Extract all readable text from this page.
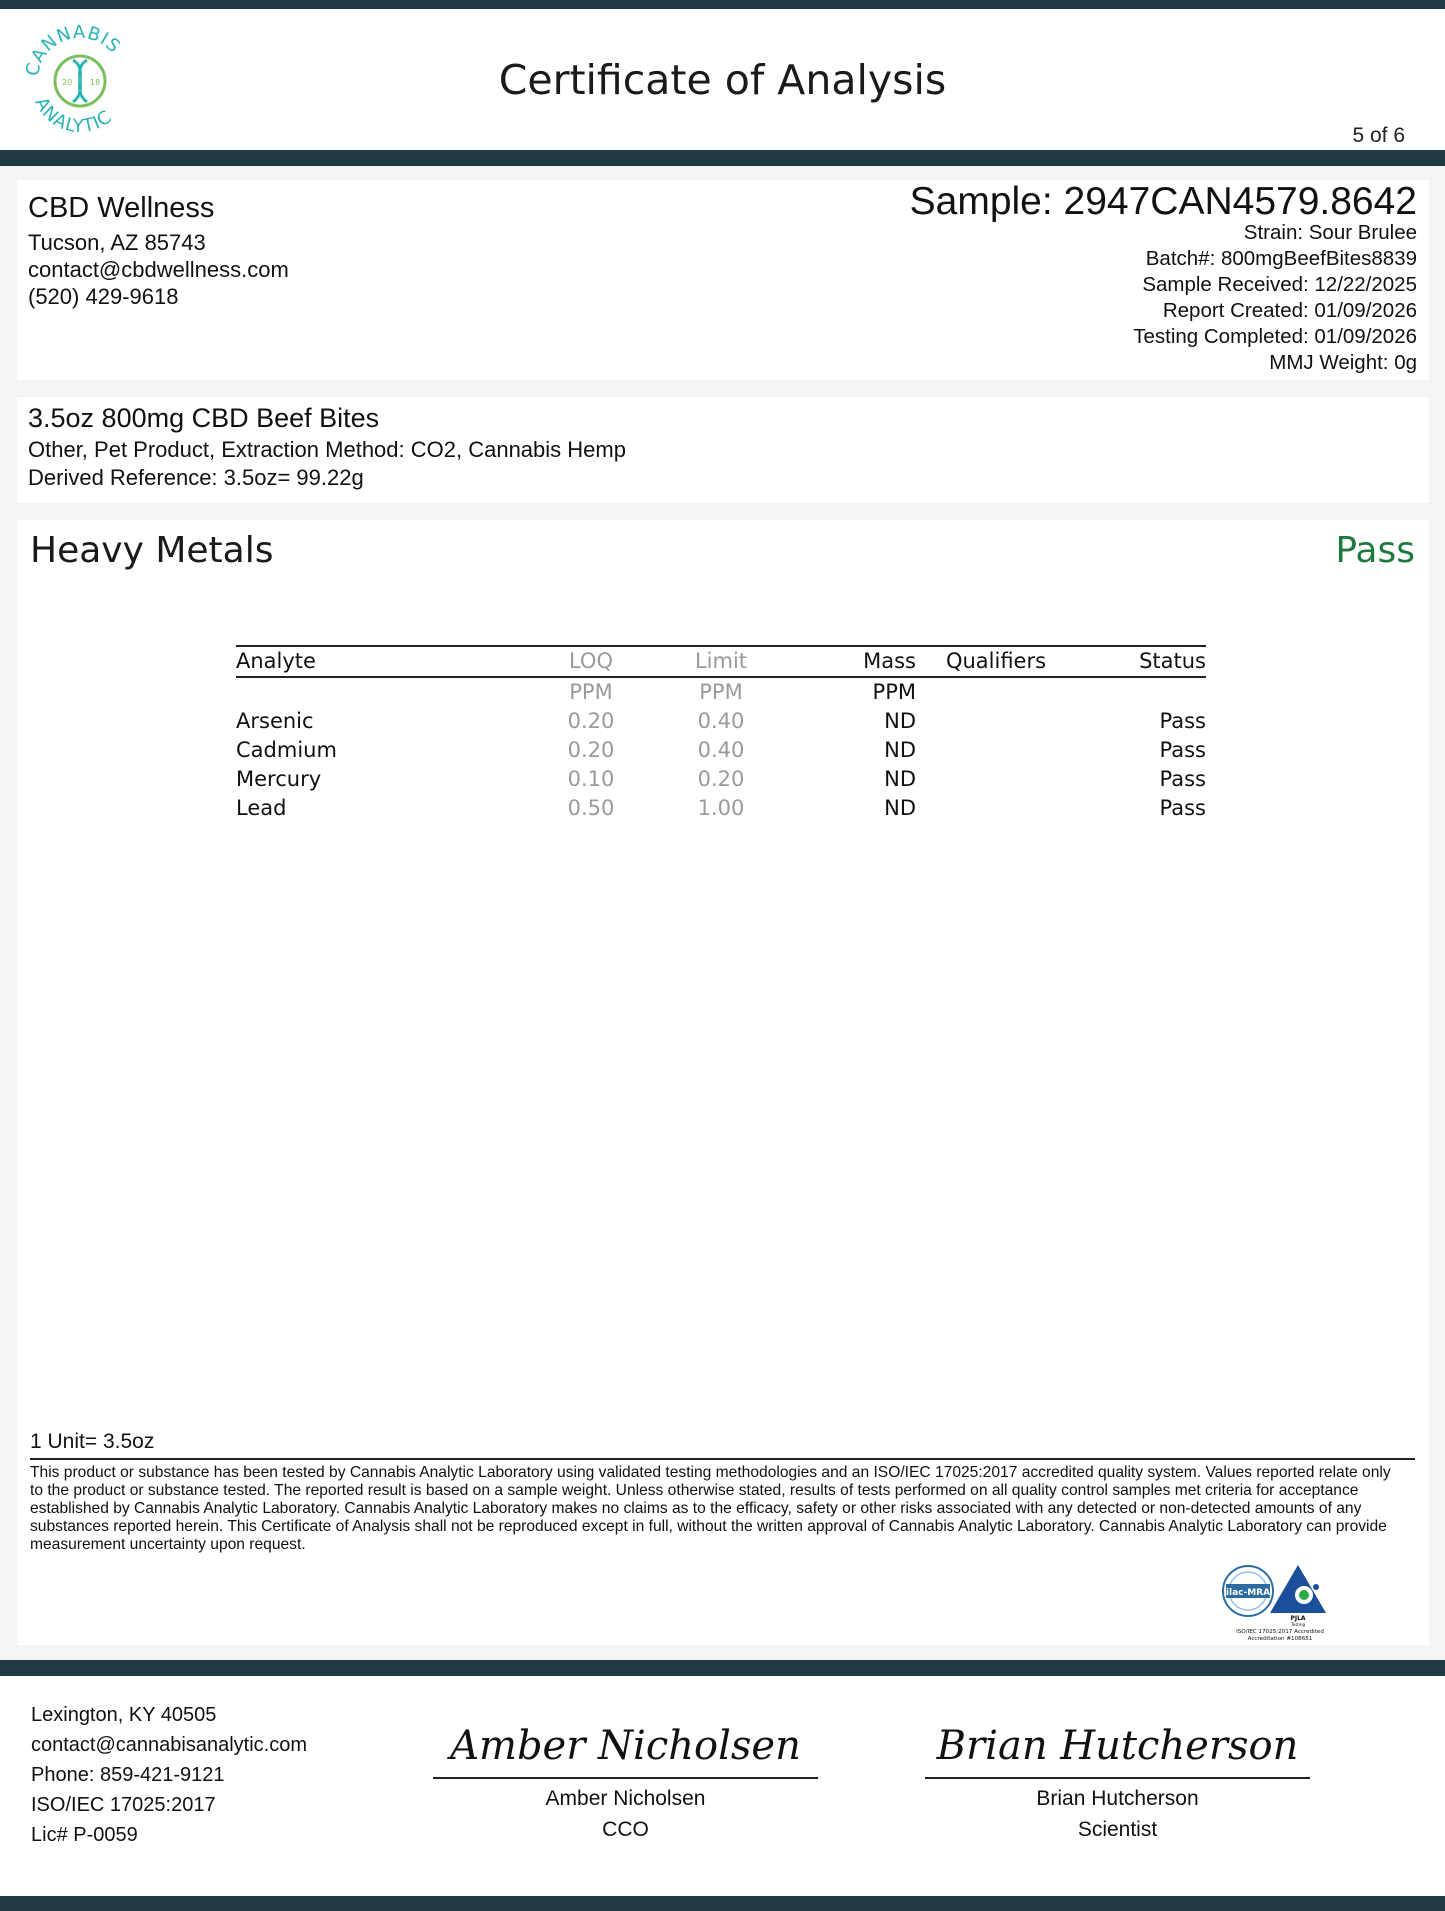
CANNABIS
ANALYTIC
20 18	Certificate of Analysis
5 of 6
CBD Wellness
Tucson, AZ 85743
contact@cbdwellness.com
(520) 429-9618
Sample: 2947CAN4579.8642
Strain: Sour Brulee
Batch#: 800mgBeefBites8839
Sample Received: 12/22/2025
Report Created: 01/09/2026
Testing Completed: 01/09/2026
MMJ Weight: 0g
3.5oz 800mg CBD Beef Bites
Other, Pet Product, Extraction Method: CO2, Cannabis Hemp
Derived Reference: 3.5oz= 99.22g
Heavy Metals	Pass
Analyte	LOQ	Limit	Mass	Qualifiers	Status
	PPM	PPM	PPM		
Arsenic	0.20	0.40	ND		Pass
Cadmium	0.20	0.40	ND		Pass
Mercury	0.10	0.20	ND		Pass
Lead	0.50	1.00	ND		Pass
1 Unit= 3.5oz
This product or substance has been tested by Cannabis Analytic Laboratory using validated testing methodologies and an ISO/IEC 17025:2017 accredited quality system. Values reported relate only to the product or substance tested. The reported result is based on a sample weight. Unless otherwise stated, results of tests performed on all quality control samples met criteria for acceptance established by Cannabis Analytic Laboratory. Cannabis Analytic Laboratory makes no claims as to the efficacy, safety or other risks associated with any detected or non-detected amounts of any substances reported herein. This Certificate of Analysis shall not be reproduced except in full, without the written approval of Cannabis Analytic Laboratory. Cannabis Analytic Laboratory can provide measurement uncertainty upon request.
ilac-MRA
PJLA
Testing
ISO/IEC 17025:2017 Accredited
Accreditation #108651
Lexington, KY 40505
contact@cannabisanalytic.com
Phone: 859-421-9121
ISO/IEC 17025:2017
Lic# P-0059
Amber Nicholsen
Amber Nicholsen
CCO
Brian Hutcherson
Brian Hutcherson
Scientist
